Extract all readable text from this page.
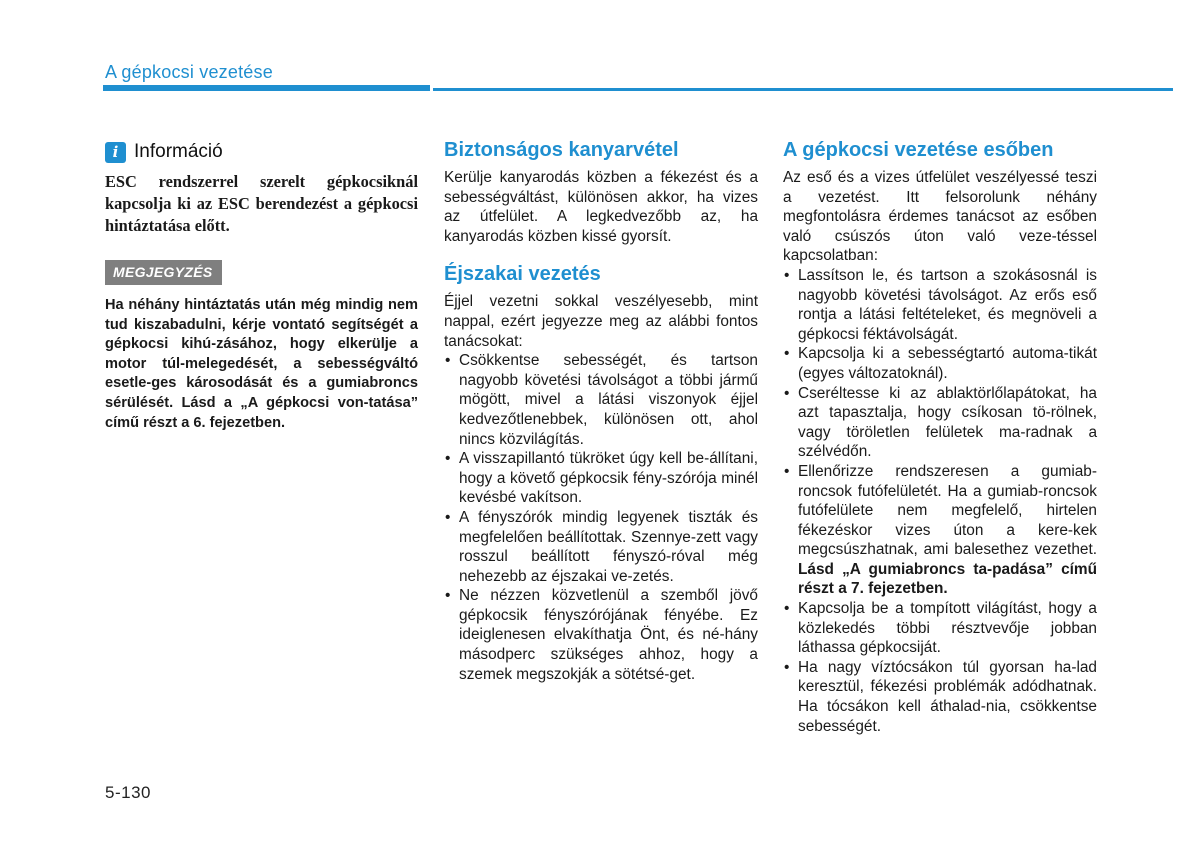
A gépkocsi vezetése
i Információ

ESC rendszerrel szerelt gépkocsiknál kapcsolja ki az ESC berendezést a gépkocsi hintáztatása előtt.

MEGJEGYZÉS

Ha néhány hintáztatás után még mindig nem tud kiszabadulni, kérje vontató segítségét a gépkocsi kihú-zásához, hogy elkerülje a motor túl-melegedését, a sebességváltó esetle-ges károsodását és a gumiabroncs sérülését. Lásd a „A gépkocsi von-tatása” című részt a 6. fejezetben.

Biztonságos kanyarvétel

Kerülje kanyarodás közben a fékezést és a sebességváltást, különösen akkor, ha vizes az útfelület. A legkedvezőbb az, ha kanyarodás közben kissé gyorsít.

Éjszakai vezetés

Éjjel vezetni sokkal veszélyesebb, mint nappal, ezért jegyezze meg az alábbi fontos tanácsokat:

• Csökkentse sebességét, és tartson nagyobb követési távolságot a többi jármű mögött, mivel a látási viszonyok éjjel kedvezőtlenebbek, különösen ott, ahol nincs közvilágítás.
• A visszapillantó tükröket úgy kell be-állítani, hogy a követő gépkocsik fény-szórója minél kevésbé vakítson.
• A fényszórók mindig legyenek tiszták és megfelelően beállítottak. Szennye-zett vagy rosszul beállított fényszó-róval még nehezebb az éjszakai ve-zetés.
• Ne nézzen közvetlenül a szemből jövő gépkocsik fényszórójának fényébe. Ez ideiglenesen elvakíthatja Önt, és né-hány másodperc szükséges ahhoz, hogy a szemek megszokják a sötétsé-get.
A gépkocsi vezetése esőben

Az eső és a vizes útfelület veszélyessé teszi a vezetést. Itt felsorolunk néhány megfontolásra érdemes tanácsot az esőben való csúszós úton való veze-téssel kapcsolatban:

• Lassítson le, és tartson a szokásosnál is nagyobb követési távolságot. Az erős eső rontja a látási feltételeket, és megnöveli a gépkocsi féktávolságát.
• Kapcsolja ki a sebességtartó automa-tikát (egyes változatoknál).
• Cseréltesse ki az ablaktörlőlapátokat, ha azt tapasztalja, hogy csíkosan tö-rölnek, vagy töröletlen felületek ma-radnak a szélvédőn.
• Ellenőrizze rendszeresen a gumiab-roncsok futófelületét. Ha a gumiab-roncsok futófelülete nem megfelelő, hirtelen fékezéskor vizes úton a kere-kek megcsúszhatnak, ami balesethez vezethet. Lásd „A gumiabroncs ta-padása” című részt a 7. fejezetben.
• Kapcsolja be a tompított világítást, hogy a közlekedés többi résztvevője jobban láthassa gépkocsiját.
• Ha nagy víztócsákon túl gyorsan ha-lad keresztül, fékezési problémák adódhatnak. Ha tócsákon kell áthalad-nia, csökkentse sebességét.
5-130
